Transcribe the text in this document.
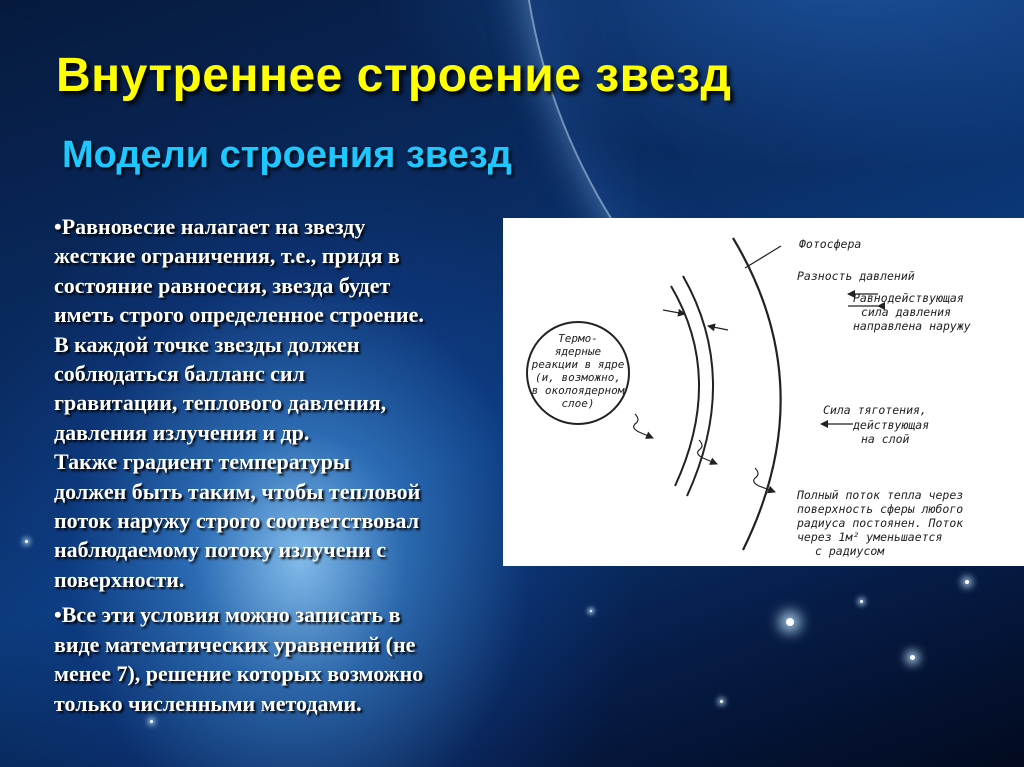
Внутреннее строение звезд
Модели строения звезд

•Равновесие налагает на звезду
жесткие ограничения, т.е., придя в
состояние равноесия, звезда будет
иметь строго определенное строение.
В каждой точке звезды должен
соблюдаться балланс сил
гравитации, теплового давления,
давления излучения и др.
Также градиент температуры
должен быть таким, чтобы тепловой
поток наружу строго соответствовал
наблюдаемому потоку излучени с
поверхности.

•Все эти условия можно записать в
виде математических уравнений (не
менее 7), решение которых возможно
только численными методами.

Фотосфера
Разность давлений
Равнодействующая
сила давления
направлена наружу
Термо-
ядерные
реакции в ядре
(и, возможно,
в околоядерном
слое)	Сила тяготения,
действующая
на слой
Полный поток тепла через
поверхность сферы любого
радиуса постоянен. Поток
через 1м² уменьшается
с радиусом
